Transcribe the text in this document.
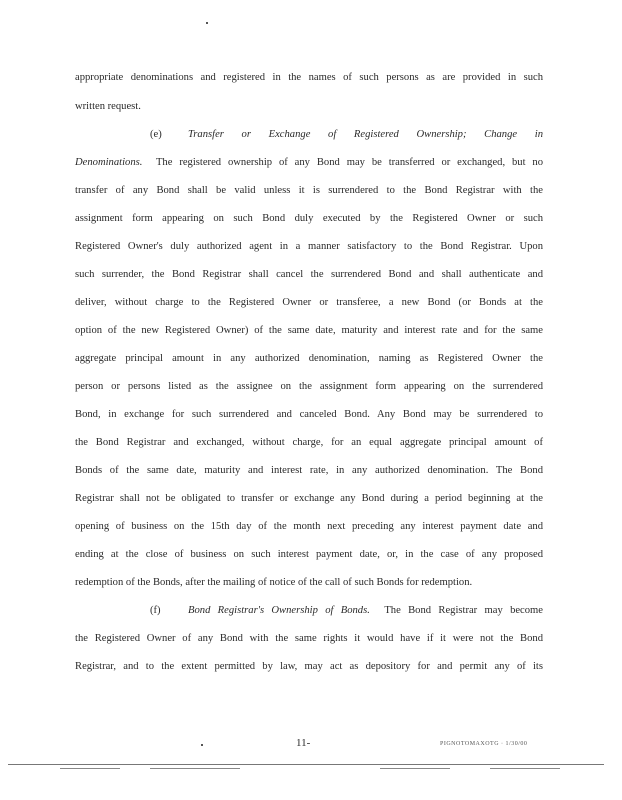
appropriate denominations and registered in the names of such persons as are provided in such
written request.
(e) Transfer or Exchange of Registered Ownership; Change in
Denominations.  The registered ownership of any Bond may be transferred or exchanged, but no
transfer of any Bond shall be valid unless it is surrendered to the Bond Registrar with the
assignment form appearing on such Bond duly executed by the Registered Owner or such
Registered Owner's duly authorized agent in a manner satisfactory to the Bond Registrar. Upon
such surrender, the Bond Registrar shall cancel the surrendered Bond and shall authenticate and
deliver, without charge to the Registered Owner or transferee, a new Bond (or Bonds at the
option of the new Registered Owner) of the same date, maturity and interest rate and for the same
aggregate principal amount in any authorized denomination, naming as Registered Owner the
person or persons listed as the assignee on the assignment form appearing on the surrendered
Bond, in exchange for such surrendered and canceled Bond. Any Bond may be surrendered to
the Bond Registrar and exchanged, without charge, for an equal aggregate principal amount of
Bonds of the same date, maturity and interest rate, in any authorized denomination. The Bond
Registrar shall not be obligated to transfer or exchange any Bond during a period beginning at the
opening of business on the 15th day of the month next preceding any interest payment date and
ending at the close of business on such interest payment date, or, in the case of any proposed
redemption of the Bonds, after the mailing of notice of the call of such Bonds for redemption.
(f)	Bond Registrar's Ownership of Bonds. The Bond Registrar may become
the Registered Owner of any Bond with the same rights it would have if it were not the Bond
Registrar, and to the extent permitted by law, may act as depository for and permit any of its
11-	PIGNOTOMAXOTG · 1/30/00
